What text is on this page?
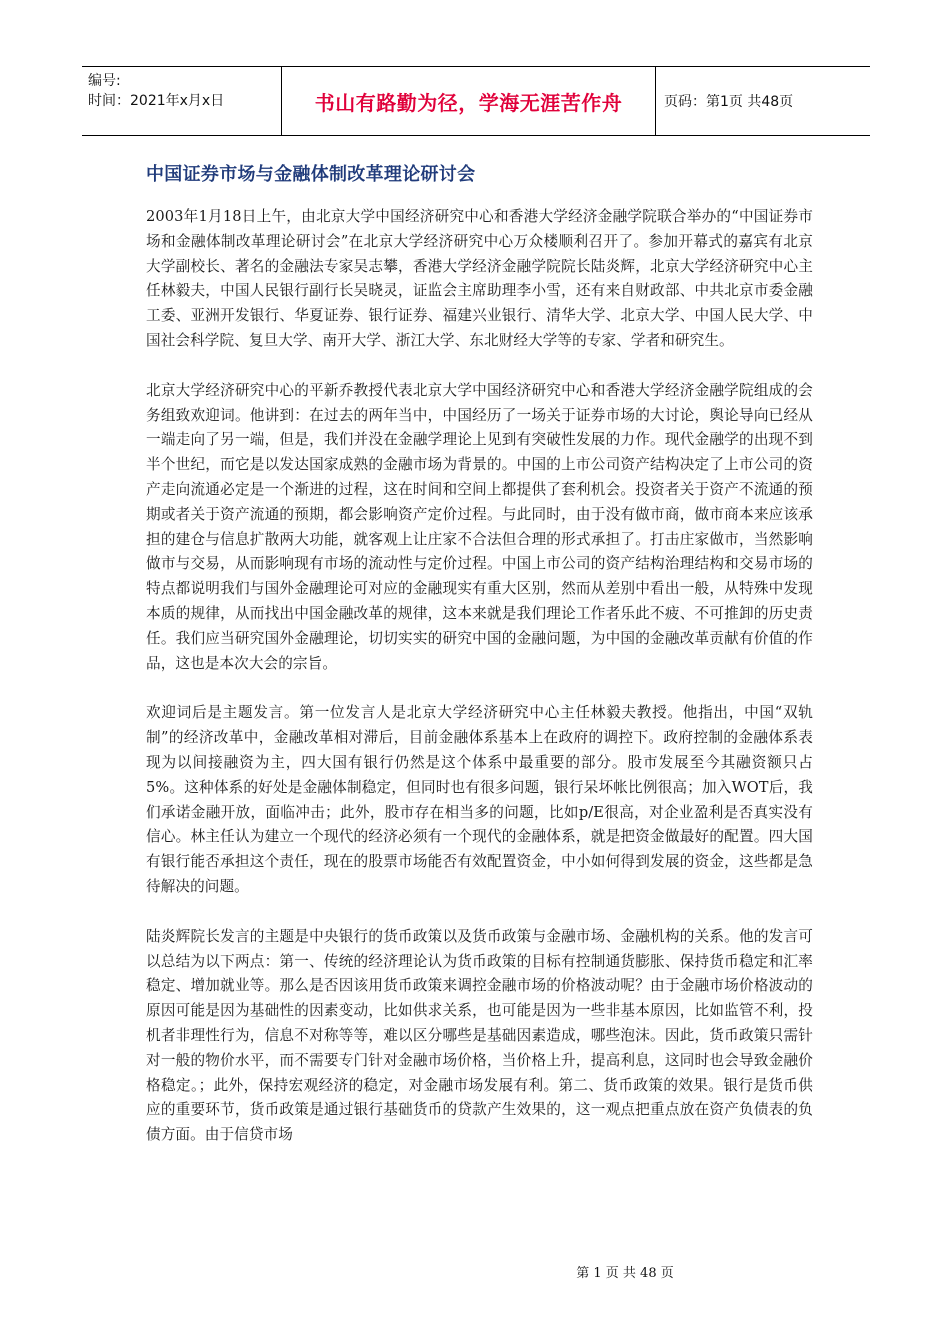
编号:
时间：2021年x月x日	书山有路勤为径，学海无涯苦作舟	页码：第1页 共48页
中国证券市场与金融体制改革理论研讨会

2003年1月18日上午，由北京大学中国经济研究中心和香港大学经济金融学院联合举办的“中国证券市场和金融体制改革理论研讨会”在北京大学经济研究中心万众楼顺利召开了。参加开幕式的嘉宾有北京大学副校长、著名的金融法专家吴志攀，香港大学经济金融学院院长陆炎辉，北京大学经济研究中心主任林毅夫，中国人民银行副行长吴晓灵，证监会主席助理李小雪，还有来自财政部、中共北京市委金融工委、亚洲开发银行、华夏证券、银行证券、福建兴业银行、清华大学、北京大学、中国人民大学、中国社会科学院、复旦大学、南开大学、浙江大学、东北财经大学等的专家、学者和研究生。

北京大学经济研究中心的平新乔教授代表北京大学中国经济研究中心和香港大学经济金融学院组成的会务组致欢迎词。他讲到：在过去的两年当中，中国经历了一场关于证券市场的大讨论，舆论导向已经从一端走向了另一端，但是，我们并没在金融学理论上见到有突破性发展的力作。现代金融学的出现不到半个世纪，而它是以发达国家成熟的金融市场为背景的。中国的上市公司资产结构决定了上市公司的资产走向流通必定是一个渐进的过程，这在时间和空间上都提供了套利机会。投资者关于资产不流通的预期或者关于资产流通的预期，都会影响资产定价过程。与此同时，由于没有做市商，做市商本来应该承担的建仓与信息扩散两大功能，就客观上让庄家不合法但合理的形式承担了。打击庄家做市，当然影响做市与交易，从而影响现有市场的流动性与定价过程。中国上市公司的资产结构治理结构和交易市场的特点都说明我们与国外金融理论可对应的金融现实有重大区别，然而从差别中看出一般，从特殊中发现本质的规律，从而找出中国金融改革的规律，这本来就是我们理论工作者乐此不疲、不可推卸的历史责任。我们应当研究国外金融理论，切切实实的研究中国的金融问题，为中国的金融改革贡献有价值的作品，这也是本次大会的宗旨。

欢迎词后是主题发言。第一位发言人是北京大学经济研究中心主任林毅夫教授。他指出，中国“双轨制”的经济改革中，金融改革相对滞后，目前金融体系基本上在政府的调控下。政府控制的金融体系表现为以间接融资为主，四大国有银行仍然是这个体系中最重要的部分。股市发展至今其融资额只占5%。这种体系的好处是金融体制稳定，但同时也有很多问题，银行呆坏帐比例很高；加入WOT后，我们承诺金融开放，面临冲击；此外，股市存在相当多的问题，比如p/E很高，对企业盈利是否真实没有信心。林主任认为建立一个现代的经济必须有一个现代的金融体系，就是把资金做最好的配置。四大国有银行能否承担这个责任，现在的股票市场能否有效配置资金，中小如何得到发展的资金，这些都是急待解决的问题。

陆炎辉院长发言的主题是中央银行的货币政策以及货币政策与金融市场、金融机构的关系。他的发言可以总结为以下两点：第一、传统的经济理论认为货币政策的目标有控制通货膨胀、保持货币稳定和汇率稳定、增加就业等。那么是否因该用货币政策来调控金融市场的价格波动呢？由于金融市场价格波动的原因可能是因为基础性的因素变动，比如供求关系，也可能是因为一些非基本原因，比如监管不利，投机者非理性行为，信息不对称等等，难以区分哪些是基础因素造成，哪些泡沫。因此，货币政策只需针对一般的物价水平，而不需要专门针对金融市场价格，当价格上升，提高利息，这同时也会导致金融价格稳定。；此外，保持宏观经济的稳定，对金融市场发展有利。第二、货币政策的效果。银行是货币供应的重要环节，货币政策是通过银行基础货币的贷款产生效果的，这一观点把重点放在资产负债表的负债方面。由于信贷市场

第 1 页 共 48 页
